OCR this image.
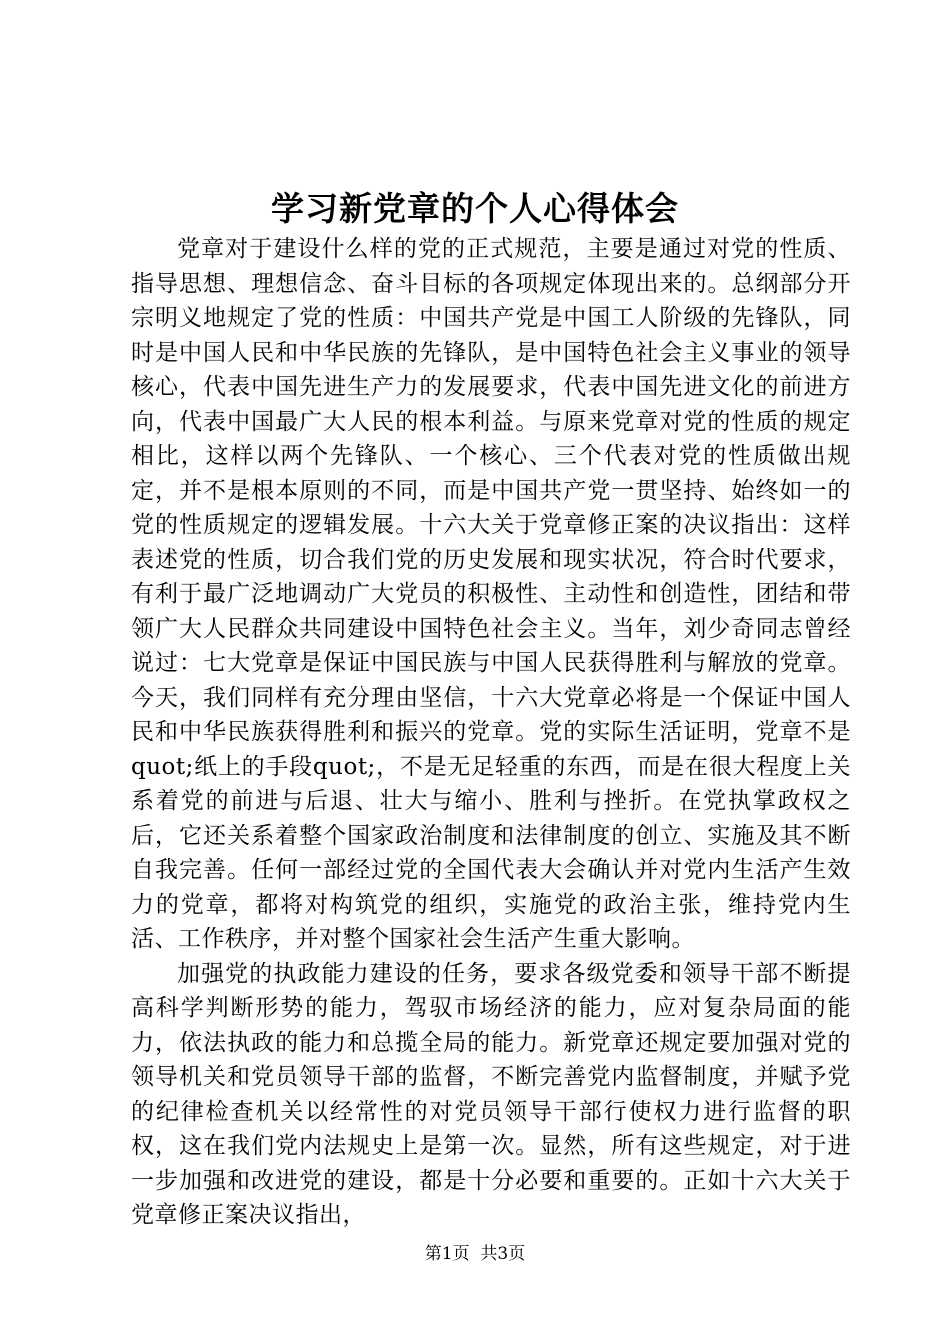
学习新党章的个人心得体会

党章对于建设什么样的党的正式规范，主要是通过对党的性质、指导思想、理想信念、奋斗目标的各项规定体现出来的。总纲部分开宗明义地规定了党的性质：中国共产党是中国工人阶级的先锋队，同时是中国人民和中华民族的先锋队，是中国特色社会主义事业的领导核心，代表中国先进生产力的发展要求，代表中国先进文化的前进方向，代表中国最广大人民的根本利益。与原来党章对党的性质的规定相比，这样以两个先锋队、一个核心、三个代表对党的性质做出规定，并不是根本原则的不同，而是中国共产党一贯坚持、始终如一的党的性质规定的逻辑发展。十六大关于党章修正案的决议指出：这样表述党的性质，切合我们党的历史发展和现实状况，符合时代要求，有利于最广泛地调动广大党员的积极性、主动性和创造性，团结和带领广大人民群众共同建设中国特色社会主义。当年，刘少奇同志曾经说过：七大党章是保证中国民族与中国人民获得胜利与解放的党章。今天，我们同样有充分理由坚信，十六大党章必将是一个保证中国人民和中华民族获得胜利和振兴的党章。党的实际生活证明，党章不是quot;纸上的手段quot;，不是无足轻重的东西，而是在很大程度上关系着党的前进与后退、壮大与缩小、胜利与挫折。在党执掌政权之后，它还关系着整个国家政治制度和法律制度的创立、实施及其不断自我完善。任何一部经过党的全国代表大会确认并对党内生活产生效力的党章，都将对构筑党的组织，实施党的政治主张，维持党内生活、工作秩序，并对整个国家社会生活产生重大影响。

加强党的执政能力建设的任务，要求各级党委和领导干部不断提高科学判断形势的能力，驾驭市场经济的能力，应对复杂局面的能力，依法执政的能力和总揽全局的能力。新党章还规定要加强对党的领导机关和党员领导干部的监督，不断完善党内监督制度，并赋予党的纪律检查机关以经常性的对党员领导干部行使权力进行监督的职权，这在我们党内法规史上是第一次。显然，所有这些规定，对于进一步加强和改进党的建设，都是十分必要和重要的。正如十六大关于党章修正案决议指出，

第1页 共3页
